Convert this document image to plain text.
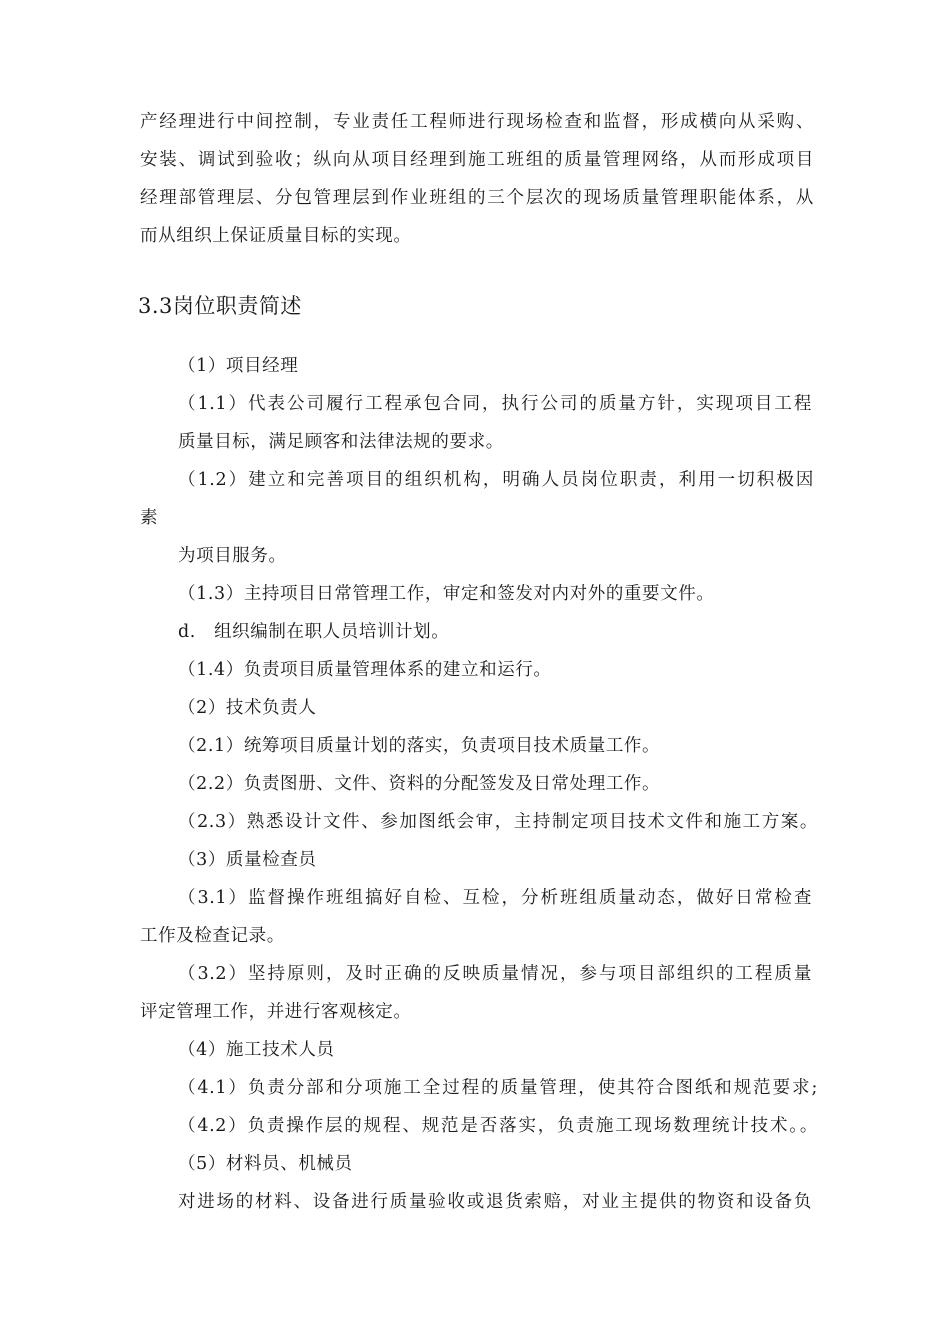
产经理进行中间控制，专业责任工程师进行现场检查和监督，形成横向从采购、
安装、调试到验收；纵向从项目经理到施工班组的质量管理网络，从而形成项目
经理部管理层、分包管理层到作业班组的三个层次的现场质量管理职能体系，从
而从组织上保证质量目标的实现。
3.3岗位职责简述
（1）项目经理
（1.1）代表公司履行工程承包合同，执行公司的质量方针，实现项目工程
质量目标，满足顾客和法律法规的要求。
（1.2）建立和完善项目的组织机构，明确人员岗位职责，利用一切积极因
素
为项目服务。
（1.3）主持项目日常管理工作，审定和签发对内对外的重要文件。
d.　组织编制在职人员培训计划。
（1.4）负责项目质量管理体系的建立和运行。
（2）技术负责人
（2.1）统筹项目质量计划的落实，负责项目技术质量工作。
（2.2）负责图册、文件、资料的分配签发及日常处理工作。
（2.3）熟悉设计文件、参加图纸会审，主持制定项目技术文件和施工方案。
（3）质量检查员
（3.1）监督操作班组搞好自检、互检，分析班组质量动态，做好日常检查
工作及检查记录。
（3.2）坚持原则，及时正确的反映质量情况，参与项目部组织的工程质量
评定管理工作，并进行客观核定。
（4）施工技术人员
（4.1）负责分部和分项施工全过程的质量管理，使其符合图纸和规范要求;
（4.2）负责操作层的规程、规范是否落实，负责施工现场数理统计技术。。
（5）材料员、机械员
对进场的材料、设备进行质量验收或退货索赔，对业主提供的物资和设备负
